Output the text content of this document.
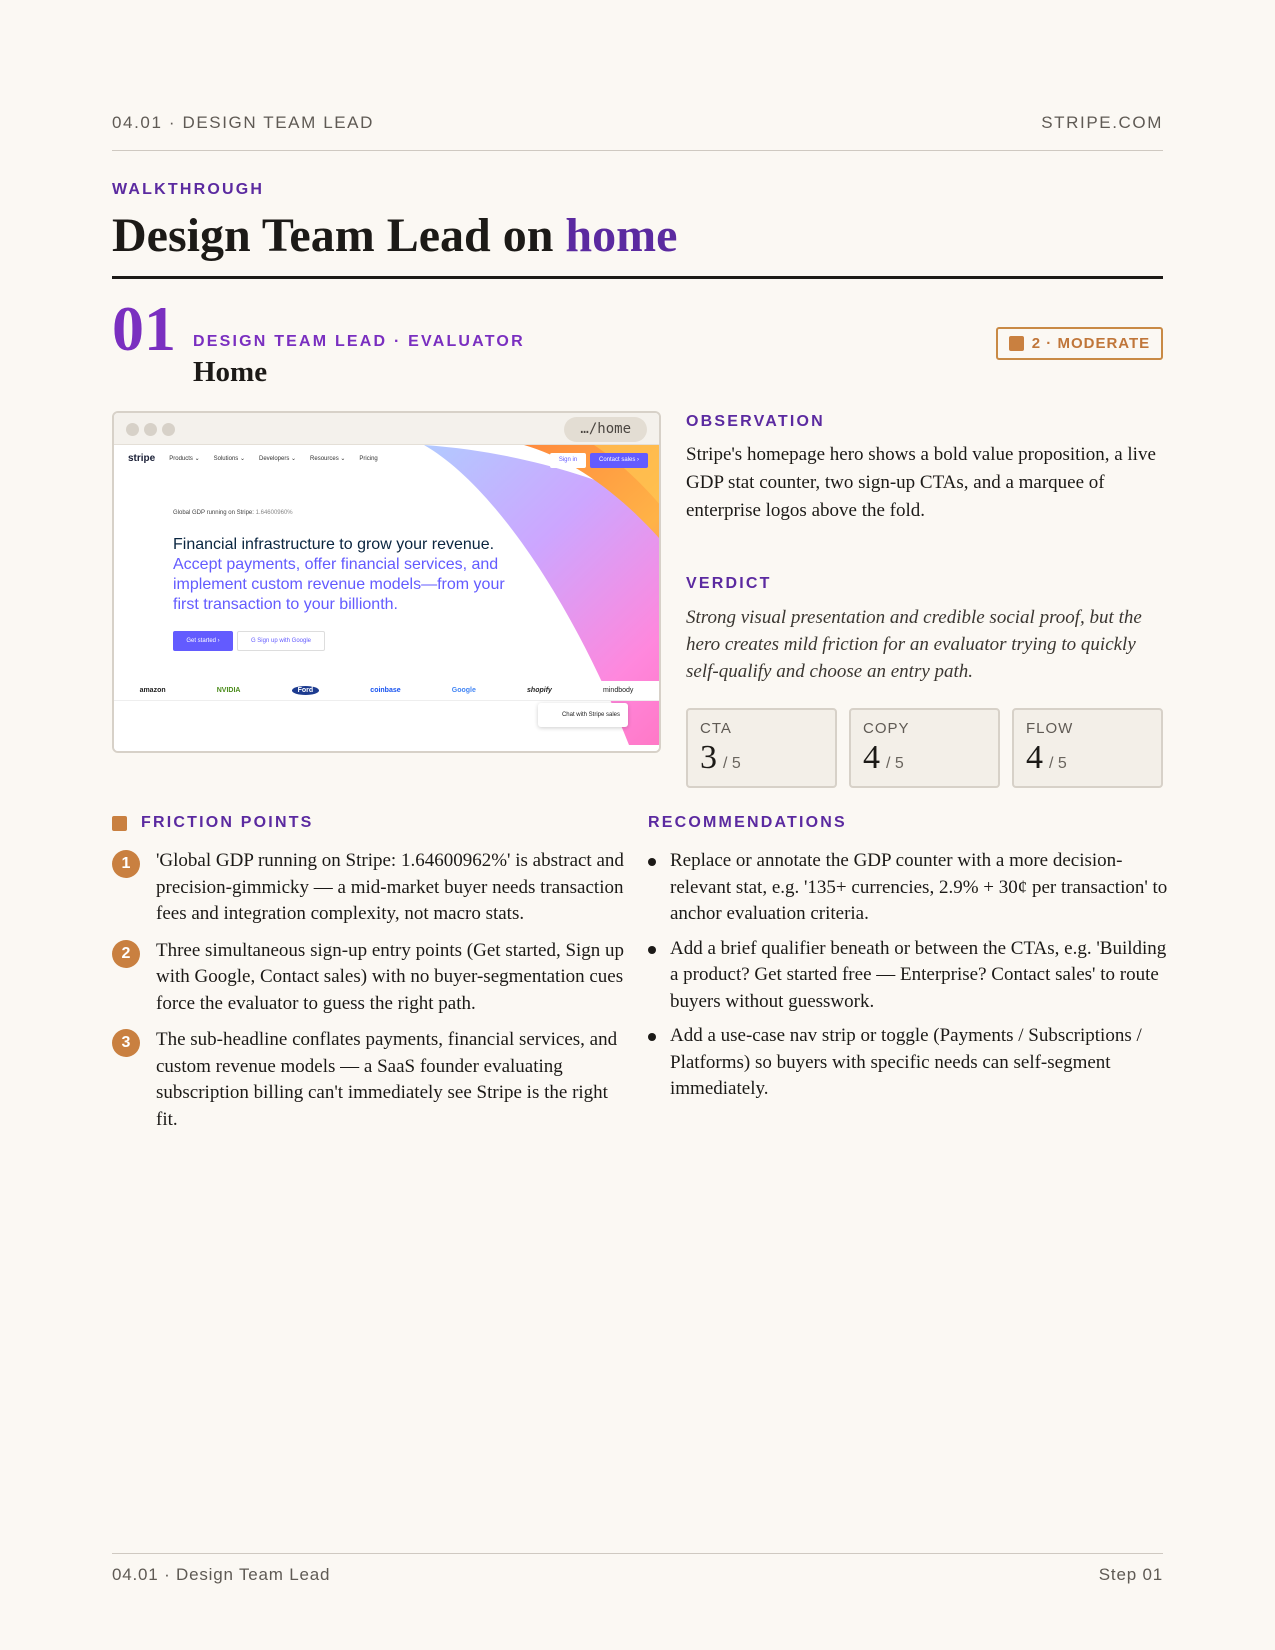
04.01 · DESIGN TEAM LEAD	STRIPE.COM
WALKTHROUGH
Design Team Lead on home
01 DESIGN TEAM LEAD · EVALUATOR
Home
2 · MODERATE
…/home
stripe Products ⌄ Solutions ⌄ Developers ⌄ Resources ⌄ Pricing	Sign in	Contact sales ›
Global GDP running on Stripe: 1.64600960%
Financial infrastructure to grow your revenue. Accept payments, offer financial services, and implement custom revenue models—from your first transaction to your billionth.
Get started ›	G Sign up with Google
amazon	NVIDIA	Ford	coinbase	Google	shopify	mindbody
Chat with Stripe sales
OBSERVATION

Stripe's homepage hero shows a bold value proposition, a live GDP stat counter, two sign-up CTAs, and a marquee of enterprise logos above the fold.

VERDICT

Strong visual presentation and credible social proof, but the hero creates mild friction for an evaluator trying to quickly self-qualify and choose an entry path.

CTA
3 / 5
COPY
4 / 5
FLOW
4 / 5
FRICTION POINTS
1	'Global GDP running on Stripe: 1.64600962%' is abstract and precision-gimmicky — a mid-market buyer needs transaction fees and integration complexity, not macro stats.
2	Three simultaneous sign-up entry points (Get started, Sign up with Google, Contact sales) with no buyer-segmentation cues force the evaluator to guess the right path.
3	The sub-headline conflates payments, financial services, and custom revenue models — a SaaS founder evaluating subscription billing can't immediately see Stripe is the right fit.
RECOMMENDATIONS
Replace or annotate the GDP counter with a more decision-relevant stat, e.g. '135+ currencies, 2.9% + 30¢ per transaction' to anchor evaluation criteria.
Add a brief qualifier beneath or between the CTAs, e.g. 'Building a product? Get started free — Enterprise? Contact sales' to route buyers without guesswork.
Add a use-case nav strip or toggle (Payments / Subscriptions / Platforms) so buyers with specific needs can self-segment immediately.
04.01 · Design Team Lead	Step 01
